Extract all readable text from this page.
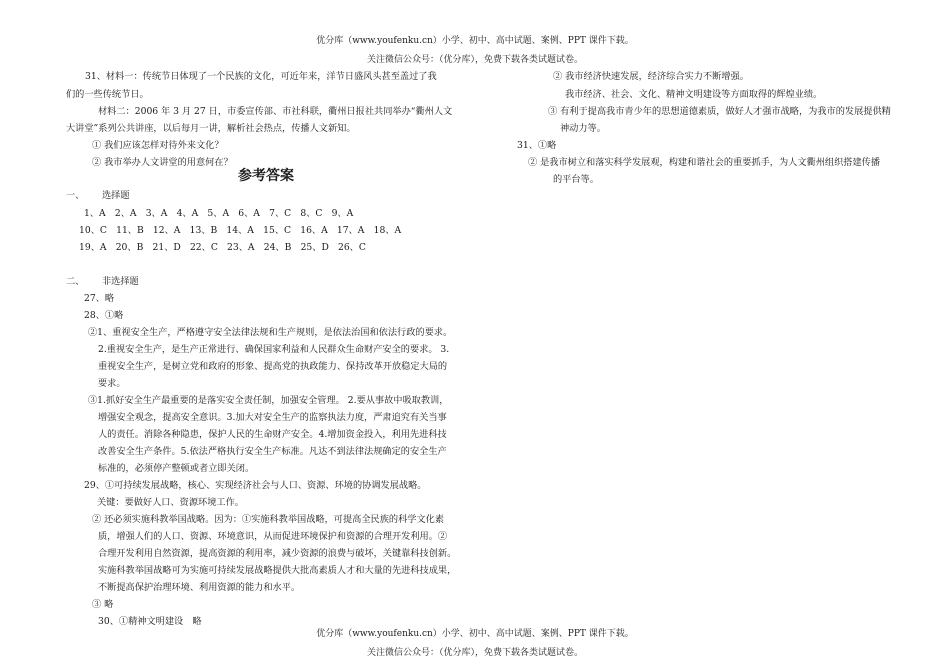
优分库（www.youfenku.cn）小学、初中、高中试题、案例、PPT 课件下载。
关注微信公众号：（优分库），免费下载各类试题试卷。
31、材料一：传统节日体现了一个民族的文化，可近年来，洋节日盛风头甚至盖过了我
们的一些传统节日。
材料二：2006 年 3 月 27 日，市委宣传部、市社科联，衢州日报社共同举办“衢州人文
大讲堂”系列公共讲座，以后每月一讲，解析社会热点，传播人文新知。
① 我们应该怎样对待外来文化？
② 我市举办人文讲堂的用意何在？
参考答案
一、 选择题
1、A　2、A　3、A　4、A　5、A　6、A　7、C　8、C　9、A
10、C　11、B　12、A　13、B　14、A　15、C　16、A　17、A　18、A
19、A　20、B　21、D　22、C　23、A　24、B　25、D　26、C
二、 非选择题
27、略
28、①略
②1、重视安全生产，严格遵守安全法律法规和生产规则，是依法治国和依法行政的要求。
2.重视安全生产，是生产正常进行、确保国家利益和人民群众生命财产安全的要求。 3.
重视安全生产，是树立党和政府的形象、提高党的执政能力、保持改革开放稳定大局的
要求。
③1.抓好安全生产最重要的是落实安全责任制，加强安全管理。 2.要从事故中吸取教训，
增强安全观念，提高安全意识。3.加大对安全生产的监察执法力度，严肃追究有关当事
人的责任。消除各种隐患，保护人民的生命财产安全。4.增加资金投入，利用先进科技
改善安全生产条件。5.依法严格执行安全生产标准。凡达不到法律法规确定的安全生产
标准的，必须停产整顿或者立即关闭。
29、①可持续发展战略，核心、实现经济社会与人口、资源、环境的协调发展战略。
关键：要做好人口、资源环境工作。
② 还必须实施科教举国战略。因为：①实施科教举国战略，可提高全民族的科学文化素
质，增强人们的人口、资源、环境意识，从而促进环境保护和资源的合理开发利用。②
合理开发利用自然资源，提高资源的利用率，减少资源的浪费与破坏，关键靠科技创新。
实施科教举国战略可为实施可持续发展战略提供大批高素质人才和大量的先进科技成果，
不断提高保护治理环境、利用资源的能力和水平。
③ 略
30、①精神文明建设　略
② 我市经济快速发展，经济综合实力不断增强。
我市经济、社会、文化、精神文明建设等方面取得的辉煌业绩。
③ 有利于提高我市青少年的思想道德素质，做好人才强市战略，为我市的发展提供精
神动力等。
31、①略
② 是我市树立和落实科学发展观，构建和谐社会的重要抓手，为人文衢州组织搭建传播
的平台等。
优分库（www.youfenku.cn）小学、初中、高中试题、案例、PPT 课件下载。
关注微信公众号：（优分库），免费下载各类试题试卷。
